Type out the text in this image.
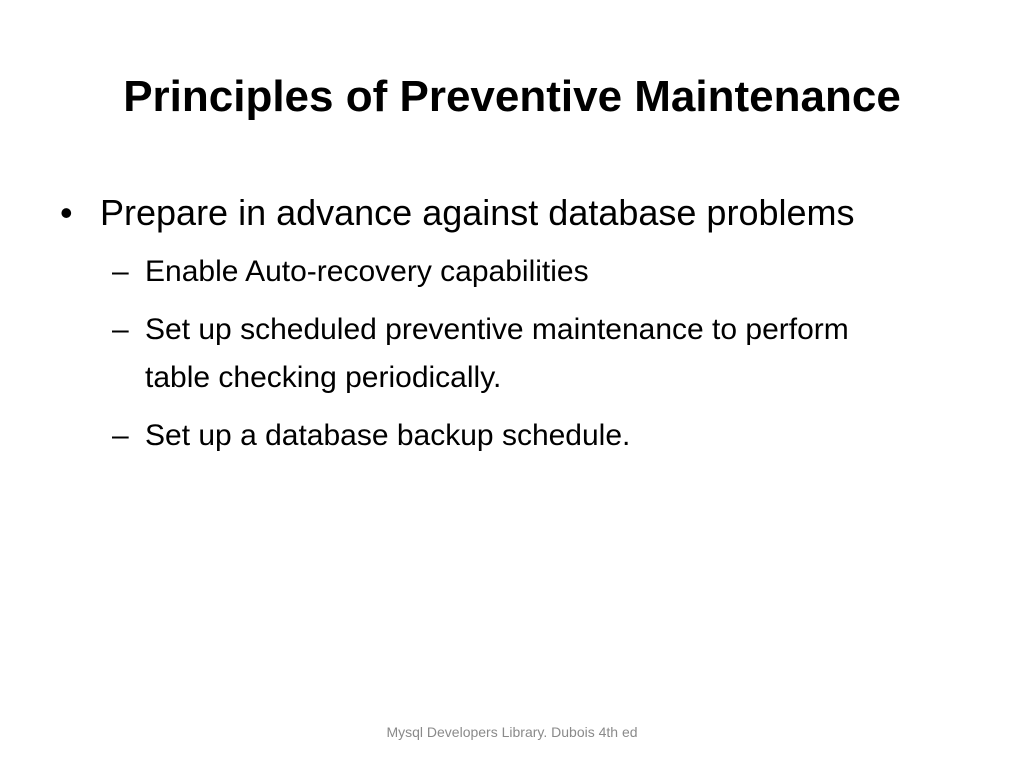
Principles of Preventive Maintenance
• Prepare in advance against database problems
– Enable Auto-recovery capabilities
– Set up scheduled preventive maintenance to perform table checking periodically.
– Set up a database backup schedule.
Mysql Developers Library. Dubois 4th ed
